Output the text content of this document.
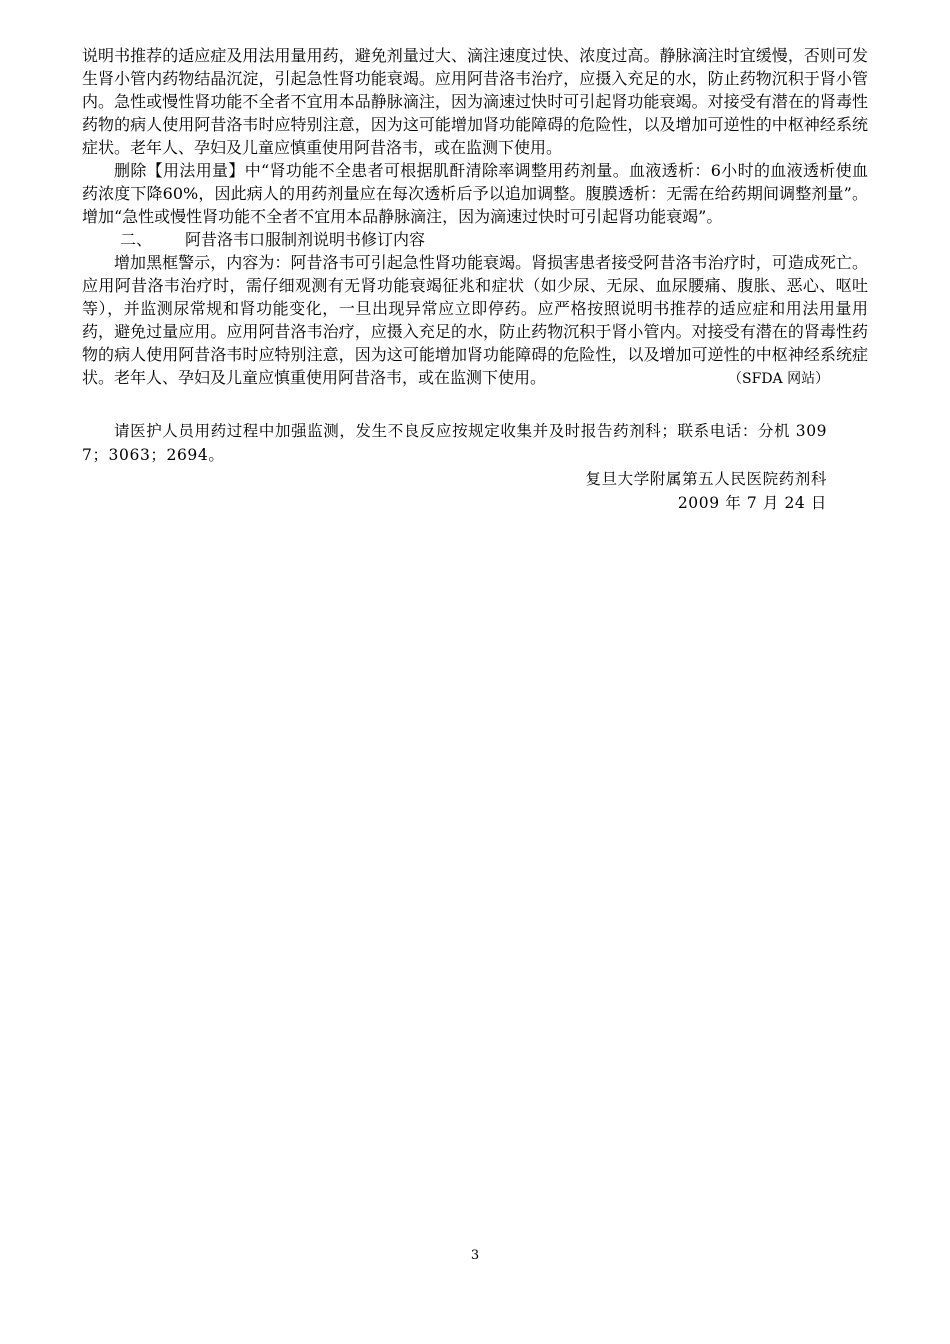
说明书推荐的适应症及用法用量用药，避免剂量过大、滴注速度过快、浓度过高。静脉滴注时宜缓慢，否则可发生肾小管内药物结晶沉淀，引起急性肾功能衰竭。应用阿昔洛韦治疗，应摄入充足的水，防止药物沉积于肾小管内。急性或慢性肾功能不全者不宜用本品静脉滴注，因为滴速过快时可引起肾功能衰竭。对接受有潜在的肾毒性药物的病人使用阿昔洛韦时应特别注意，因为这可能增加肾功能障碍的危险性，以及增加可逆性的中枢神经系统症状。老年人、孕妇及儿童应慎重使用阿昔洛韦，或在监测下使用。

删除【用法用量】中“肾功能不全患者可根据肌酐清除率调整用药剂量。血液透析：6小时的血液透析使血药浓度下降60%，因此病人的用药剂量应在每次透析后予以追加调整。腹膜透析：无需在给药期间调整剂量”。增加“急性或慢性肾功能不全者不宜用本品静脉滴注，因为滴速过快时可引起肾功能衰竭”。

二、 阿昔洛韦口服制剂说明书修订内容

增加黑框警示，内容为：阿昔洛韦可引起急性肾功能衰竭。肾损害患者接受阿昔洛韦治疗时，可造成死亡。应用阿昔洛韦治疗时，需仔细观测有无肾功能衰竭征兆和症状（如少尿、无尿、血尿腰痛、腹胀、恶心、呕吐等），并监测尿常规和肾功能变化，一旦出现异常应立即停药。应严格按照说明书推荐的适应症和用法用量用药，避免过量应用。应用阿昔洛韦治疗，应摄入充足的水，防止药物沉积于肾小管内。对接受有潜在的肾毒性药物的病人使用阿昔洛韦时应特别注意，因为这可能增加肾功能障碍的危险性，以及增加可逆性的中枢神经系统症状。老年人、孕妇及儿童应慎重使用阿昔洛韦，或在监测下使用。	（SFDA 网站）

请医护人员用药过程中加强监测，发生不良反应按规定收集并及时报告药剂科；联系电话：分机 3097；3063；2694。

复旦大学附属第五人民医院药剂科

2009 年 7 月 24 日

3
